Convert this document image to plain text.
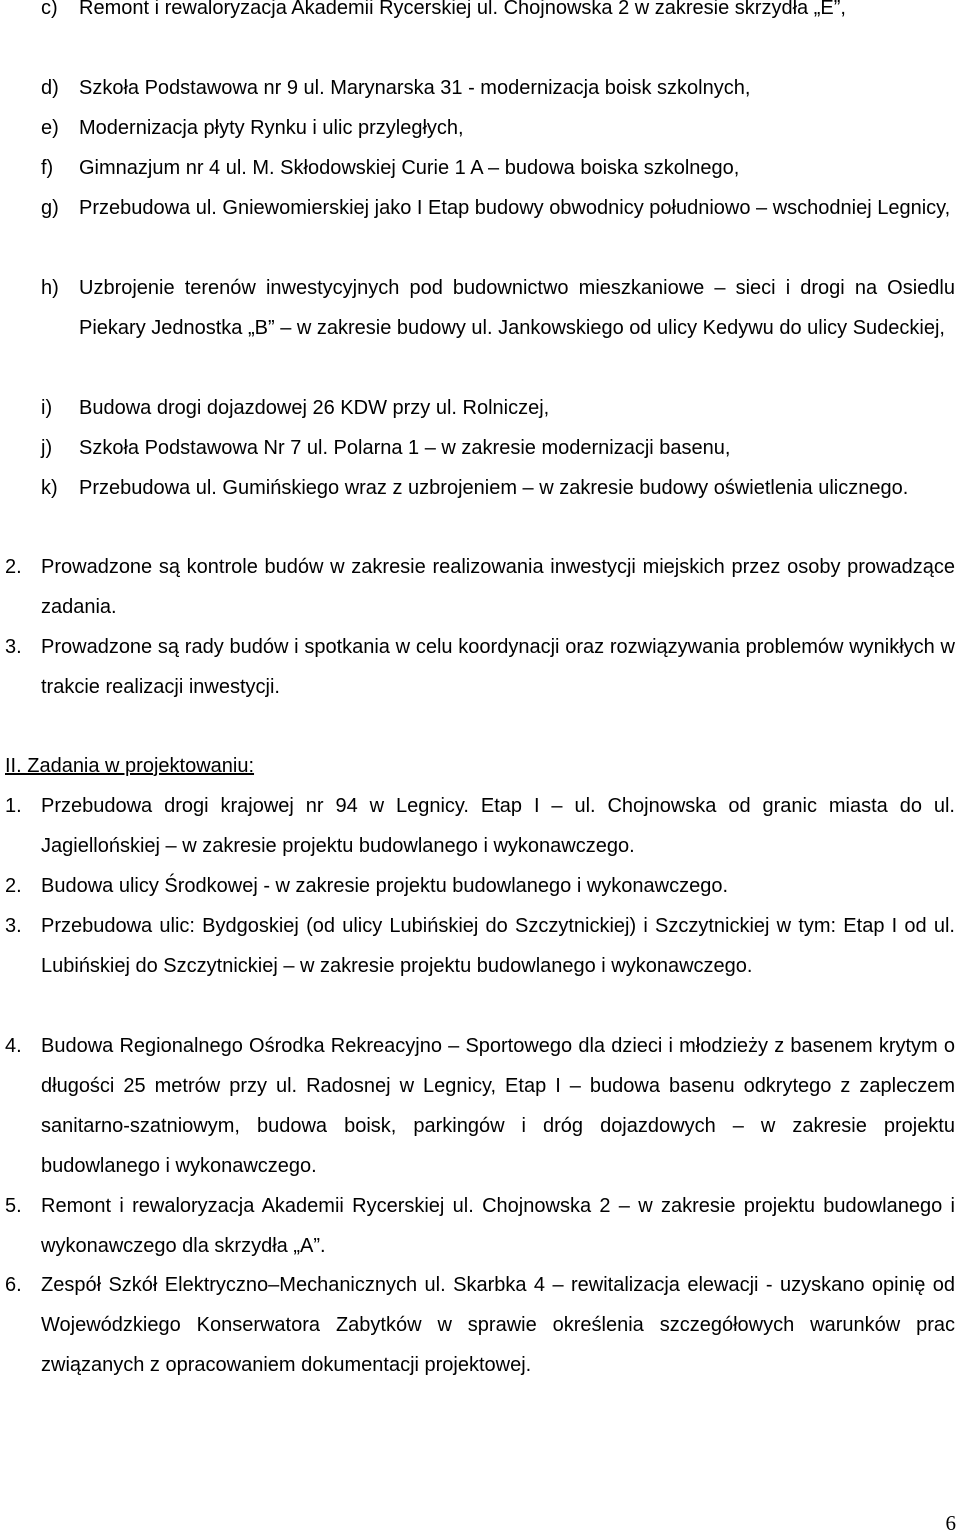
c) Remont i rewaloryzacja Akademii Rycerskiej ul. Chojnowska 2 w zakresie skrzydła „E”,
d) Szkoła Podstawowa nr 9 ul. Marynarska 31 - modernizacja boisk szkolnych,
e) Modernizacja płyty Rynku i ulic przyległych,
f) Gimnazjum nr 4 ul. M. Skłodowskiej Curie 1 A – budowa boiska szkolnego,
g) Przebudowa ul. Gniewomierskiej jako I Etap budowy obwodnicy południowo – wschodniej Legnicy,
h) Uzbrojenie terenów inwestycyjnych pod budownictwo mieszkaniowe – sieci i drogi na Osiedlu Piekary Jednostka „B” – w zakresie budowy ul. Jankowskiego od ulicy Kedywu do ulicy Sudeckiej,
i) Budowa drogi dojazdowej 26 KDW przy ul. Rolniczej,
j) Szkoła Podstawowa Nr 7 ul. Polarna 1 – w zakresie modernizacji basenu,
k) Przebudowa ul. Gumińskiego wraz z uzbrojeniem – w zakresie budowy oświetlenia ulicznego.
2. Prowadzone są kontrole budów w zakresie realizowania inwestycji miejskich przez osoby prowadzące zadania.
3. Prowadzone są rady budów i spotkania w celu koordynacji oraz rozwiązywania problemów wynikłych w trakcie realizacji inwestycji.
II. Zadania w projektowaniu:
1. Przebudowa drogi krajowej nr 94 w Legnicy. Etap I – ul. Chojnowska od granic miasta do ul. Jagiellońskiej – w zakresie projektu budowlanego i wykonawczego.
2. Budowa ulicy Środkowej - w zakresie projektu budowlanego i wykonawczego.
3. Przebudowa ulic: Bydgoskiej (od ulicy Lubińskiej do Szczytnickiej) i Szczytnickiej w tym: Etap I od ul. Lubińskiej do Szczytnickiej – w zakresie projektu budowlanego i wykonawczego.
4. Budowa Regionalnego Ośrodka Rekreacyjno – Sportowego dla dzieci i młodzieży z basenem krytym o długości 25 metrów przy ul. Radosnej w Legnicy, Etap I – budowa basenu odkrytego z zapleczem sanitarno-szatniowym, budowa boisk, parkingów i dróg dojazdowych – w zakresie projektu budowlanego i wykonawczego.
5. Remont i rewaloryzacja Akademii Rycerskiej ul. Chojnowska 2 – w zakresie projektu budowlanego i wykonawczego dla skrzydła „A”.
6. Zespół Szkół Elektryczno–Mechanicznych ul. Skarbka 4 – rewitalizacja elewacji - uzyskano opinię od Wojewódzkiego Konserwatora Zabytków w sprawie określenia szczegółowych warunków prac związanych z opracowaniem dokumentacji projektowej.
6
